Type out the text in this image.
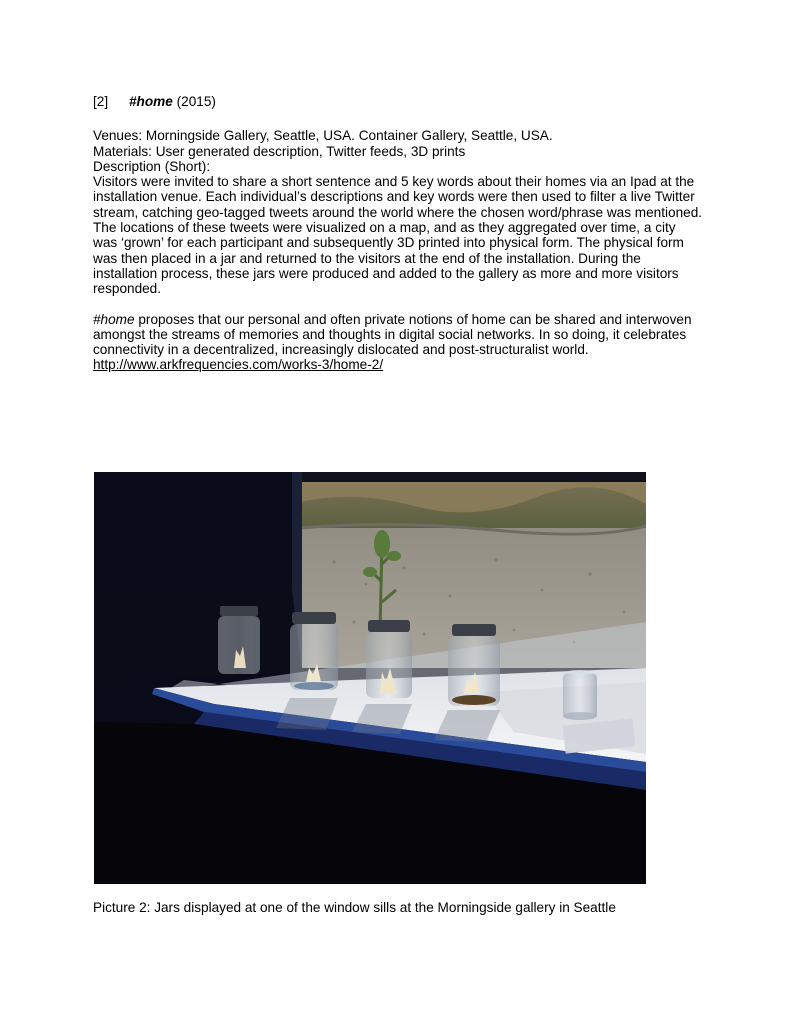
[2] #home (2015)

Venues: Morningside Gallery, Seattle, USA. Container Gallery, Seattle, USA.

Materials: User generated description, Twitter feeds, 3D prints

Description (Short):

Visitors were invited to share a short sentence and 5 key words about their homes via an Ipad at the installation venue. Each individual’s descriptions and key words were then used to filter a live Twitter stream, catching geo-tagged tweets around the world where the chosen word/phrase was mentioned. The locations of these tweets were visualized on a map, and as they aggregated over time, a city was ‘grown’ for each participant and subsequently 3D printed into physical form. The physical form was then placed in a jar and returned to the visitors at the end of the installation. During the installation process, these jars were produced and added to the gallery as more and more visitors responded.

#home proposes that our personal and often private notions of home can be shared and interwoven amongst the streams of memories and thoughts in digital social networks. In so doing, it celebrates connectivity in a decentralized, increasingly dislocated and post-structuralist world.

http://www.arkfrequencies.com/works-3/home-2/

Picture 2: Jars displayed at one of the window sills at the Morningside gallery in Seattle
